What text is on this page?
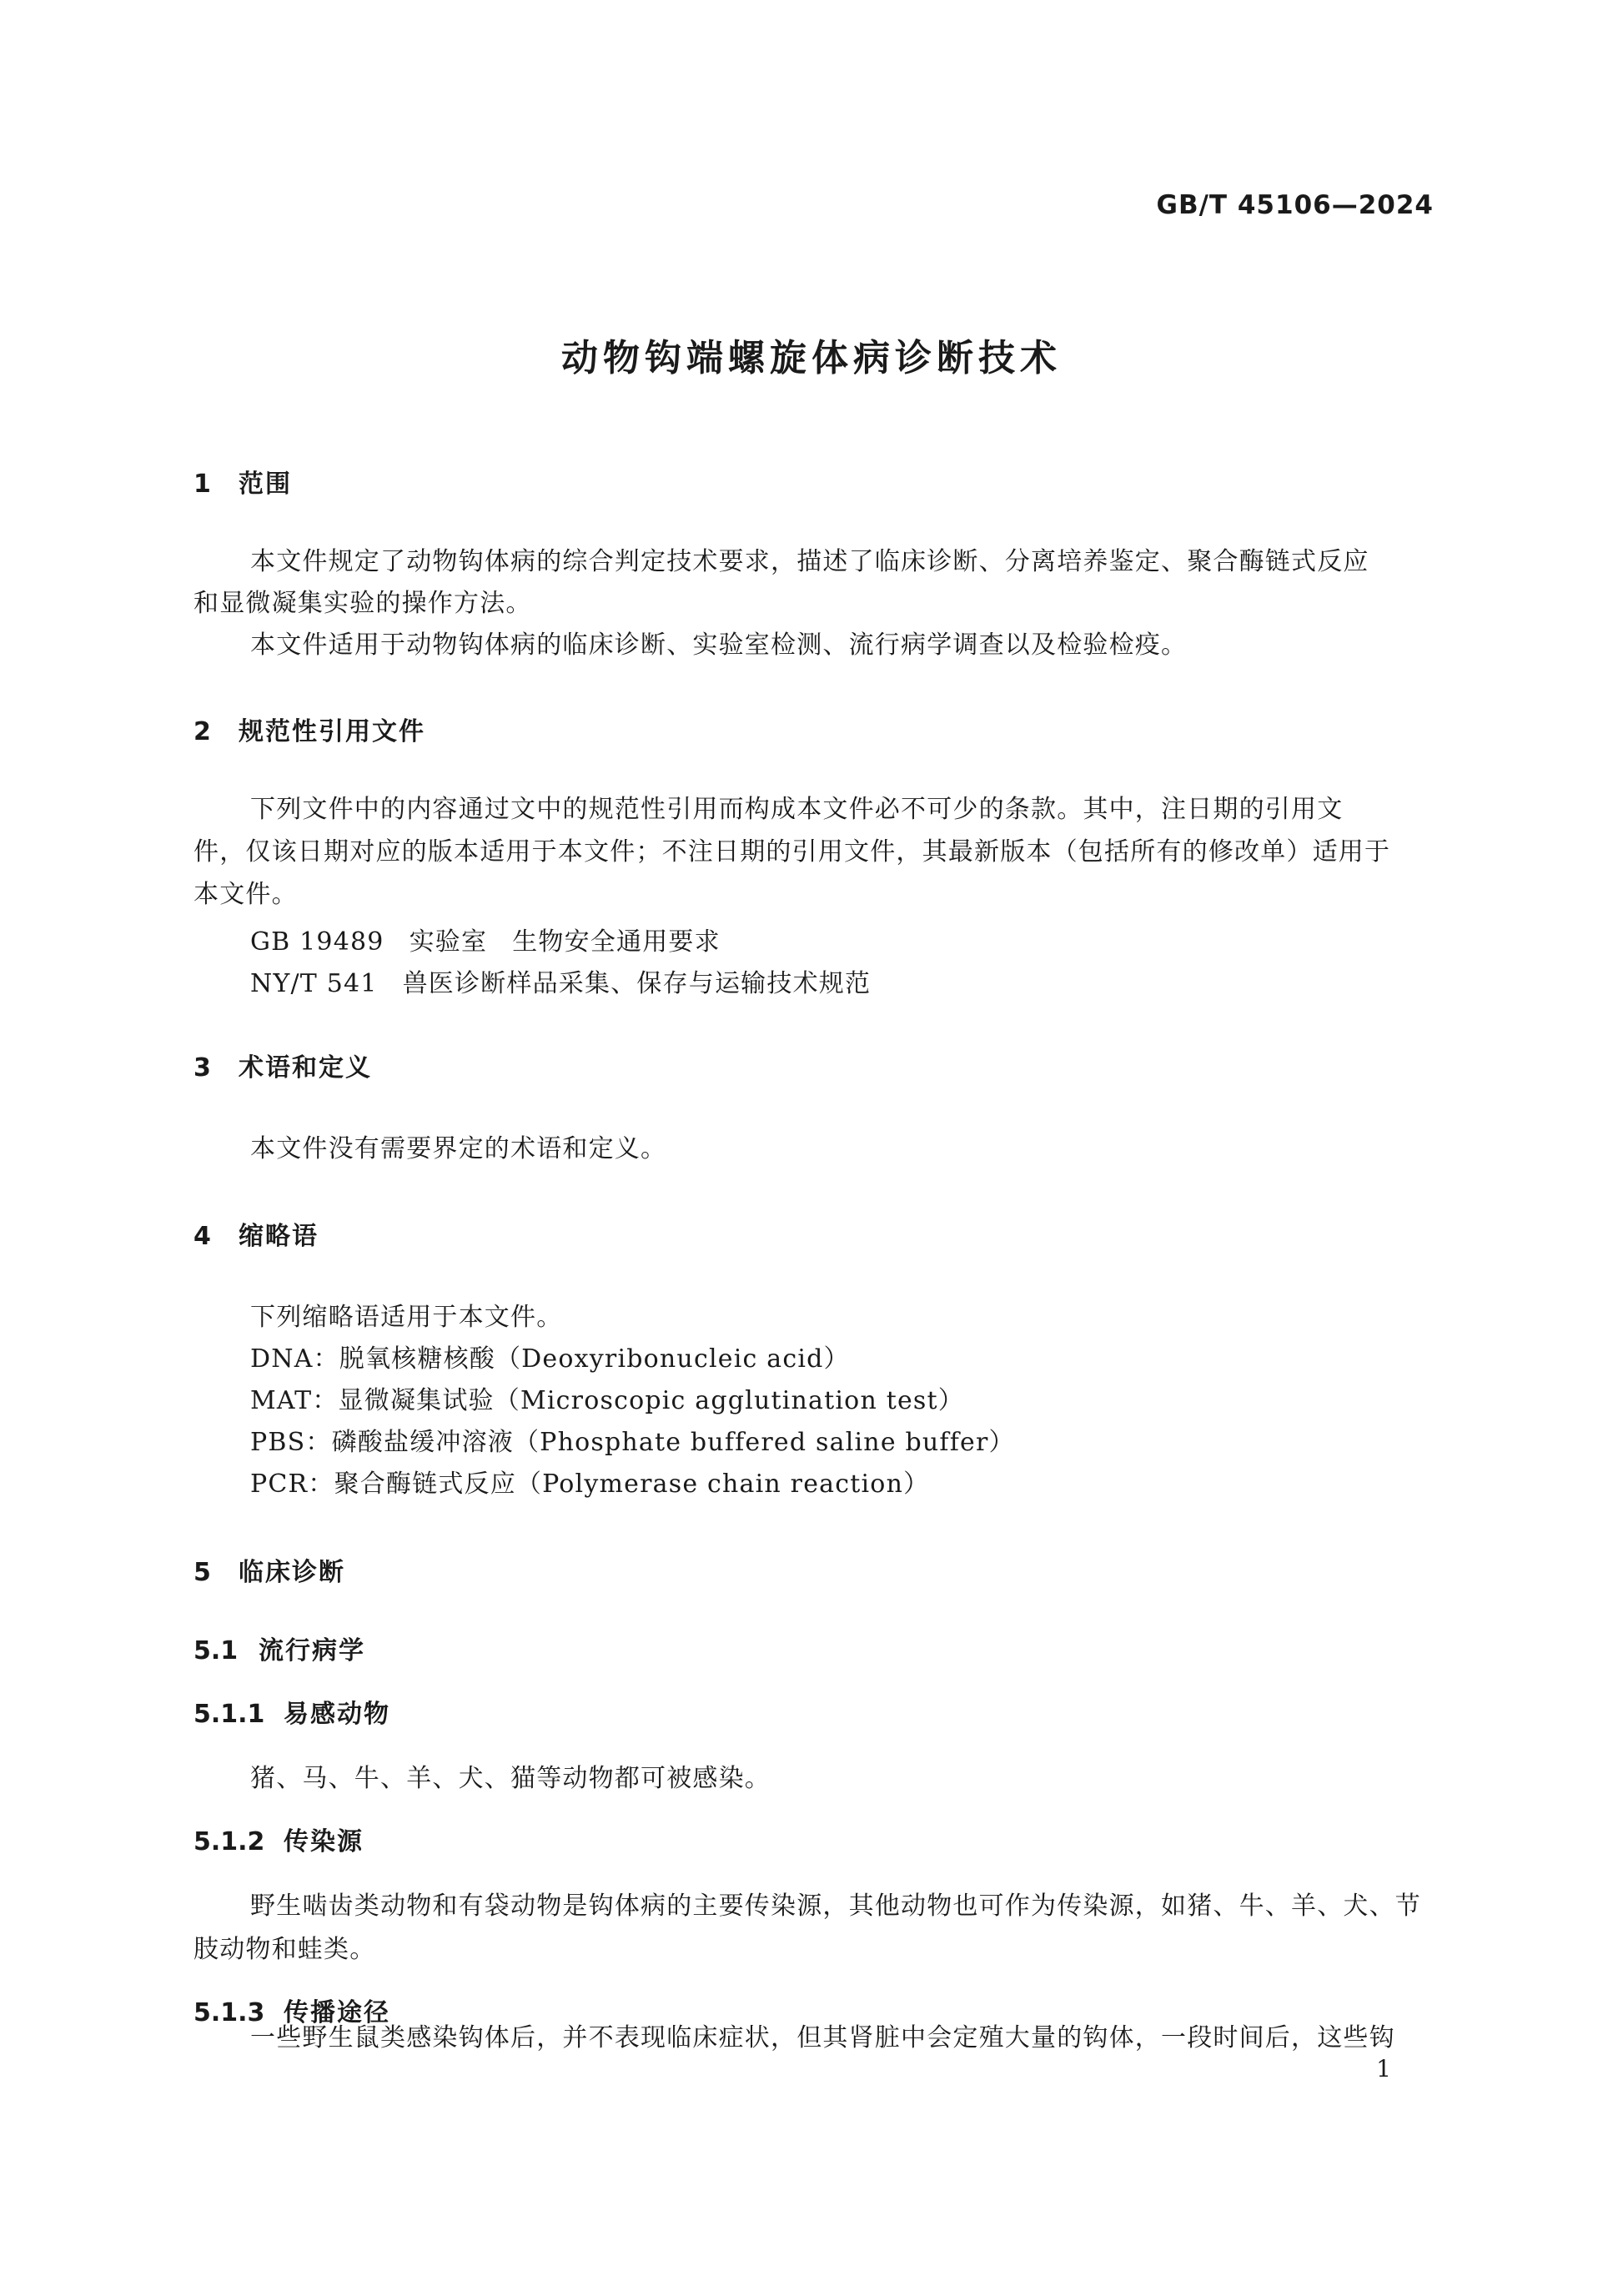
GB/T 45106—2024
动物钩端螺旋体病诊断技术
1 范围
本文件规定了动物钩体病的综合判定技术要求，描述了临床诊断、分离培养鉴定、聚合酶链式反应
和显微凝集实验的操作方法。
本文件适用于动物钩体病的临床诊断、实验室检测、流行病学调查以及检验检疫。
2 规范性引用文件
下列文件中的内容通过文中的规范性引用而构成本文件必不可少的条款。其中，注日期的引用文
件，仅该日期对应的版本适用于本文件；不注日期的引用文件，其最新版本（包括所有的修改单）适用于
本文件。
GB 19489 实验室 生物安全通用要求
NY/T 541 兽医诊断样品采集、保存与运输技术规范
3 术语和定义
本文件没有需要界定的术语和定义。
4 缩略语
下列缩略语适用于本文件。
DNA：脱氧核糖核酸（Deoxyribonucleic acid）
MAT：显微凝集试验（Microscopic agglutination test）
PBS：磷酸盐缓冲溶液（Phosphate buffered saline buffer）
PCR：聚合酶链式反应（Polymerase chain reaction）
5 临床诊断
5.1 流行病学
5.1.1 易感动物
猪、马、牛、羊、犬、猫等动物都可被感染。
5.1.2 传染源
野生啮齿类动物和有袋动物是钩体病的主要传染源，其他动物也可作为传染源，如猪、牛、羊、犬、节
肢动物和蛙类。
5.1.3 传播途径
一些野生鼠类感染钩体后，并不表现临床症状，但其肾脏中会定殖大量的钩体，一段时间后，这些钩
1
